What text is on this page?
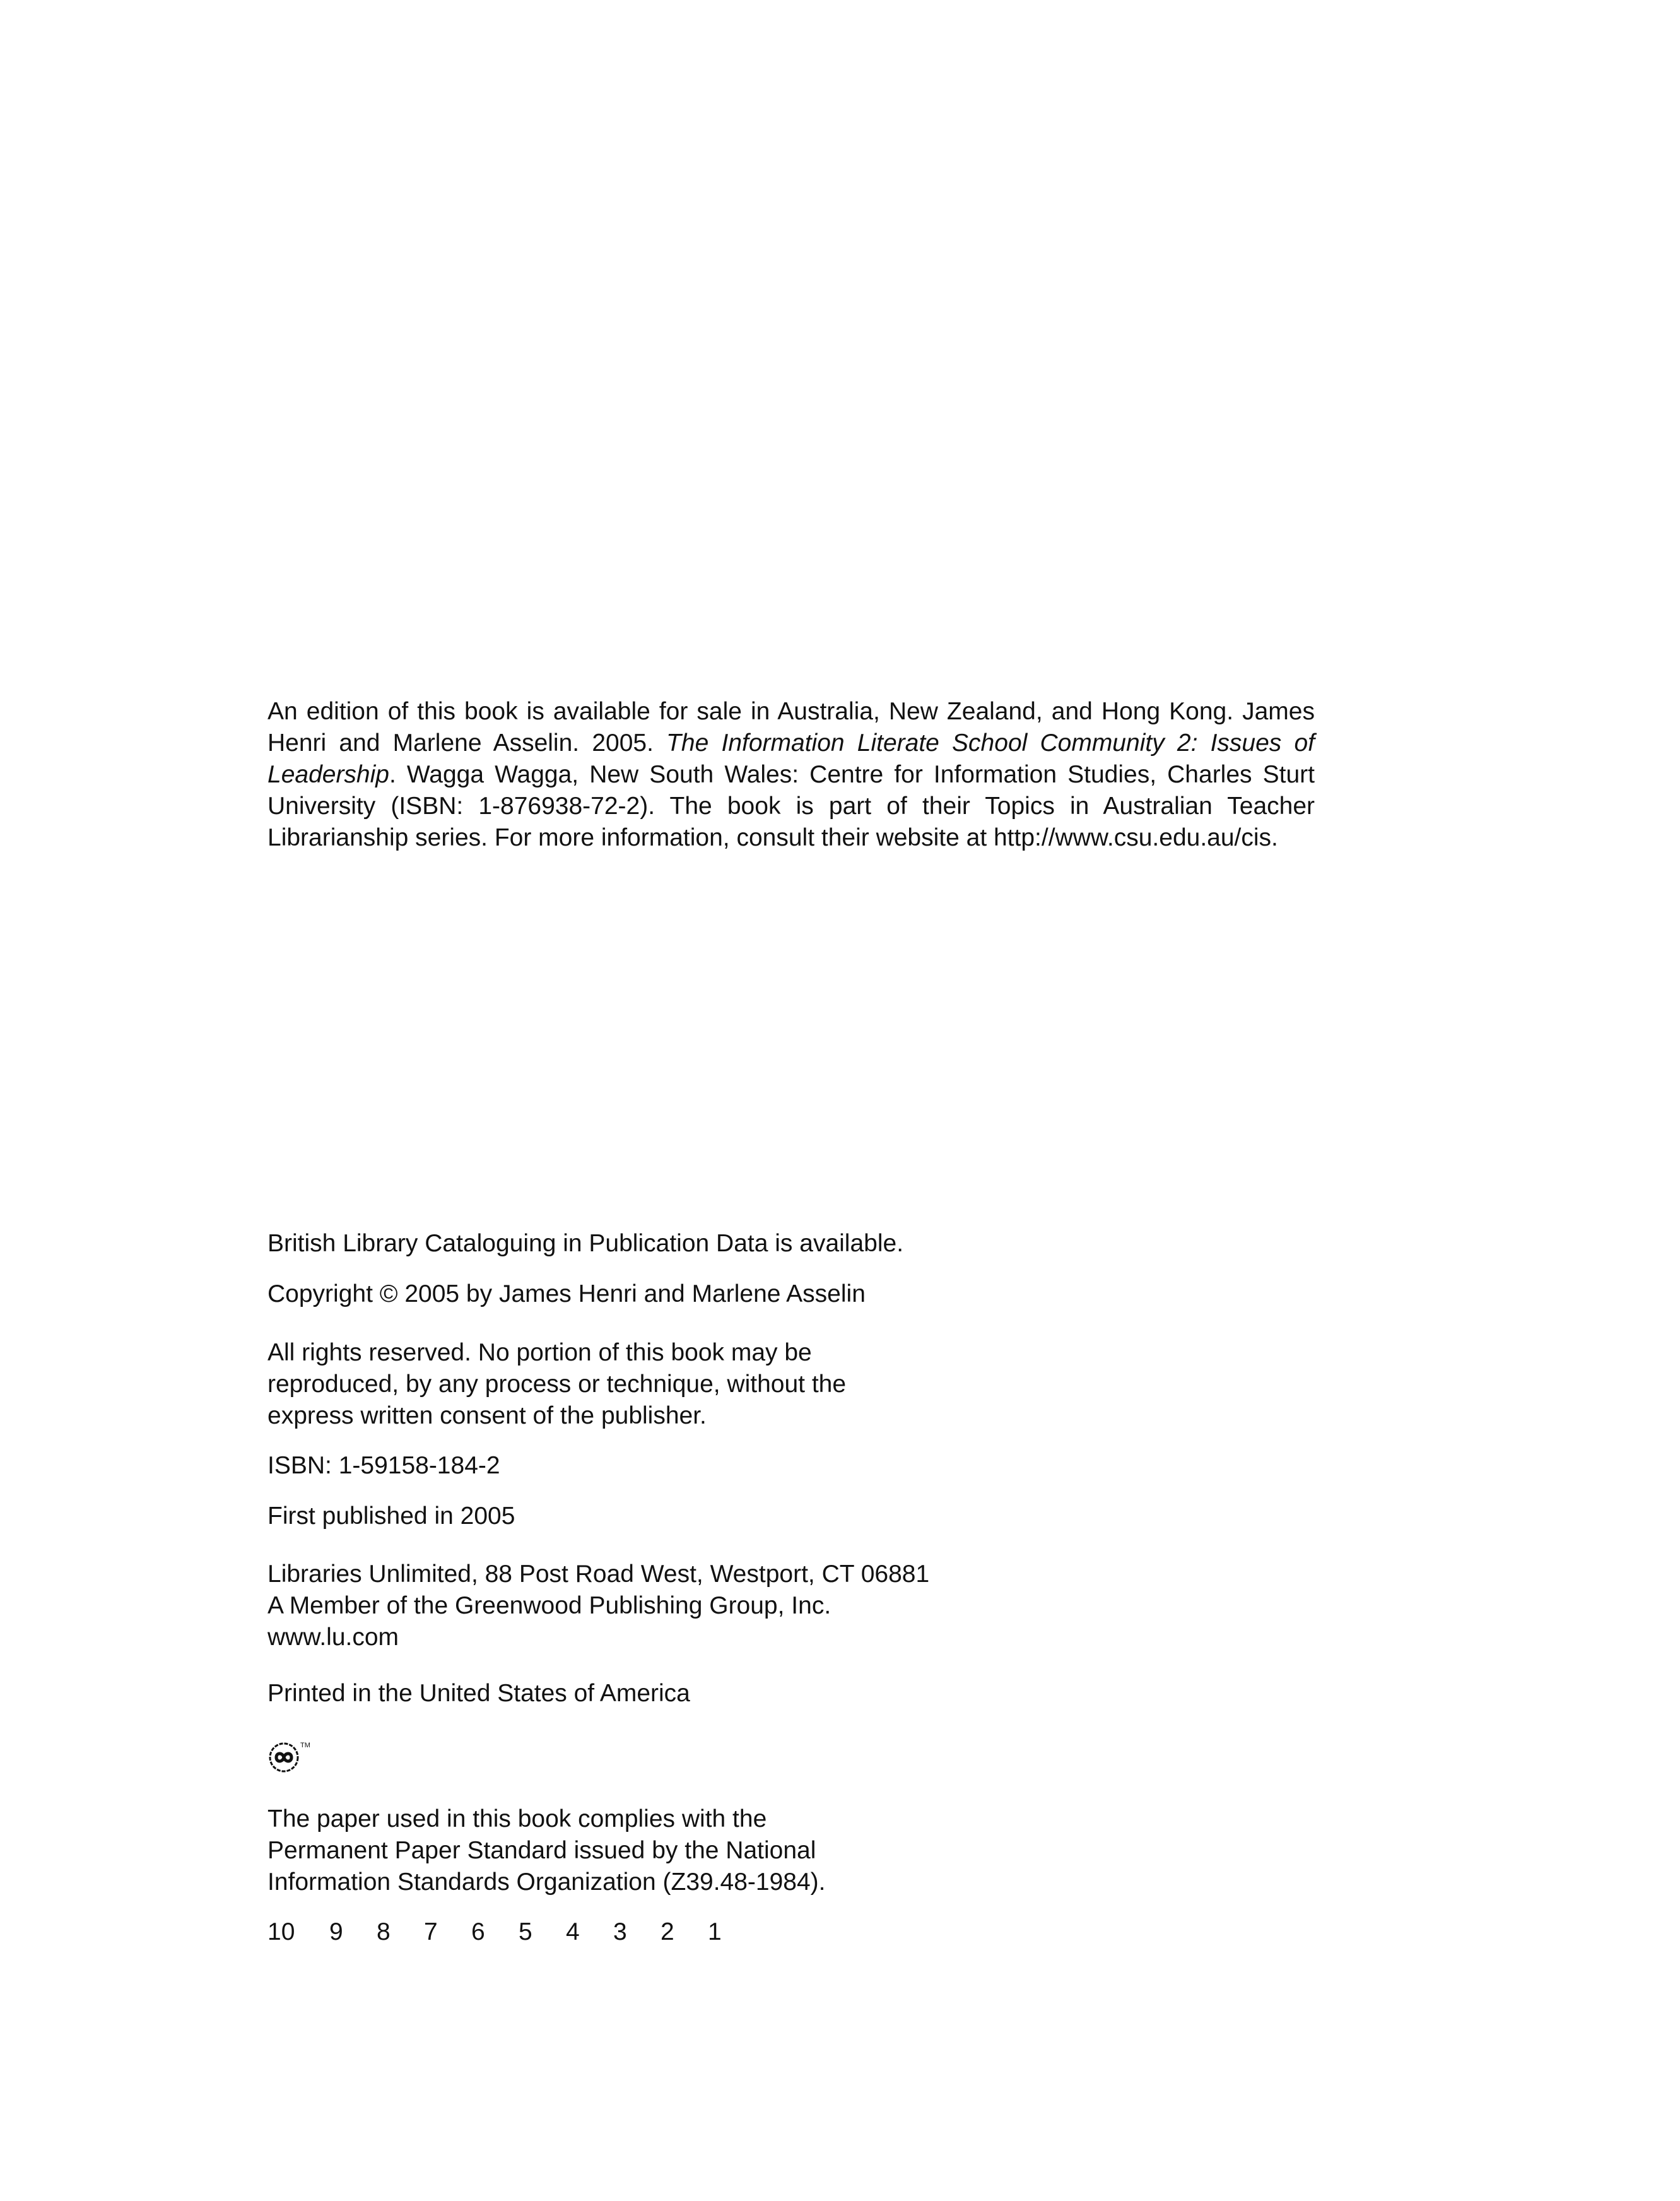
An edition of this book is available for sale in Australia, New Zealand, and Hong Kong. James Henri and Marlene Asselin. 2005. The Information Literate School Community 2: Issues of Leadership. Wagga Wagga, New South Wales: Centre for Information Studies, Charles Sturt University (ISBN: 1-876938-72-2). The book is part of their Topics in Australian Teacher Librarianship series. For more information, consult their website at http://www.csu.edu.au/cis.
British Library Cataloguing in Publication Data is available.
Copyright © 2005 by James Henri and Marlene Asselin
All rights reserved. No portion of this book may be
reproduced, by any process or technique, without the
express written consent of the publisher.
ISBN: 1-59158-184-2
First published in 2005
Libraries Unlimited, 88 Post Road West, Westport, CT 06881
A Member of the Greenwood Publishing Group, Inc.
www.lu.com
Printed in the United States of America
TM
The paper used in this book complies with the
Permanent Paper Standard issued by the National
Information Standards Organization (Z39.48-1984).
10	9	8	7	6	5	4	3	2	1
